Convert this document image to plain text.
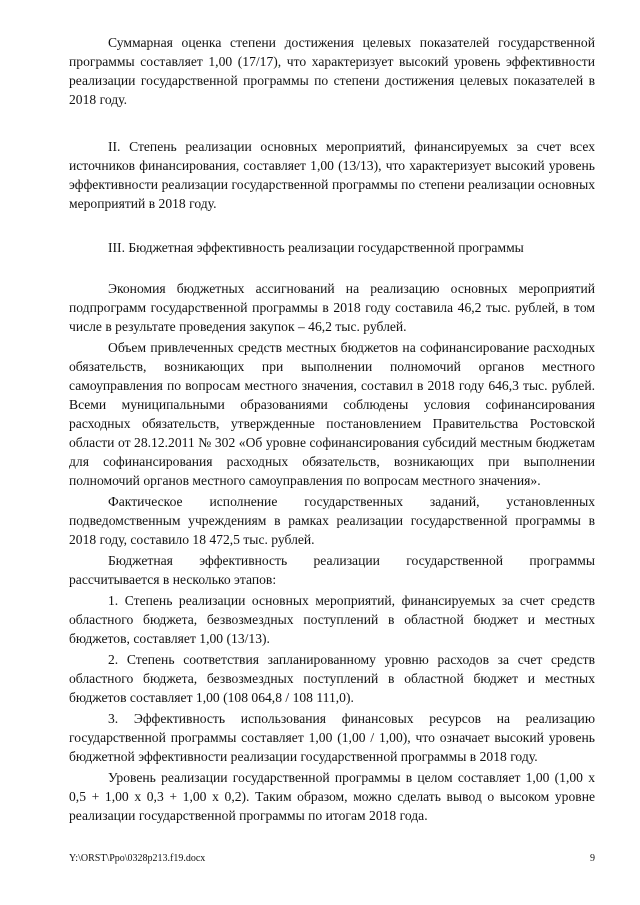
Суммарная оценка степени достижения целевых показателей государственной программы составляет 1,00 (17/17), что характеризует высокий уровень эффективности реализации государственной программы по степени достижения целевых показателей в 2018 году.

II. Степень реализации основных мероприятий, финансируемых за счет всех источников финансирования, составляет 1,00 (13/13), что характеризует высокий уровень эффективности реализации государственной программы по степени реализации основных мероприятий в 2018 году.

III. Бюджетная эффективность реализации государственной программы

Экономия бюджетных ассигнований на реализацию основных мероприятий подпрограмм государственной программы в 2018 году составила 46,2 тыс. рублей, в том числе в результате проведения закупок – 46,2 тыс. рублей.

Объем привлеченных средств местных бюджетов на софинансирование расходных обязательств, возникающих при выполнении полномочий органов местного самоуправления по вопросам местного значения, составил в 2018 году 646,3 тыс. рублей. Всеми муниципальными образованиями соблюдены условия софинансирования расходных обязательств, утвержденные постановлением Правительства Ростовской области от 28.12.2011 № 302 «Об уровне софинансирования субсидий местным бюджетам для софинансирования расходных обязательств, возникающих при выполнении полномочий органов местного самоуправления по вопросам местного значения».

Фактическое исполнение государственных заданий, установленных подведомственным учреждениям в рамках реализации государственной программы в 2018 году, составило 18 472,5 тыс. рублей.

Бюджетная эффективность реализации государственной программы рассчитывается в несколько этапов:

1. Степень реализации основных мероприятий, финансируемых за счет средств областного бюджета, безвозмездных поступлений в областной бюджет и местных бюджетов, составляет 1,00 (13/13).

2. Степень соответствия запланированному уровню расходов за счет средств областного бюджета, безвозмездных поступлений в областной бюджет и местных бюджетов составляет 1,00 (108 064,8 / 108 111,0).

3. Эффективность использования финансовых ресурсов на реализацию государственной программы составляет 1,00 (1,00 / 1,00), что означает высокий уровень бюджетной эффективности реализации государственной программы в 2018 году.

Уровень реализации государственной программы в целом составляет 1,00 (1,00 х 0,5 + 1,00 х 0,3 + 1,00 х 0,2). Таким образом, можно сделать вывод о высоком уровне реализации государственной программы по итогам 2018 года.

Y:\ORST\Ppo\0328p213.f19.docx	9
